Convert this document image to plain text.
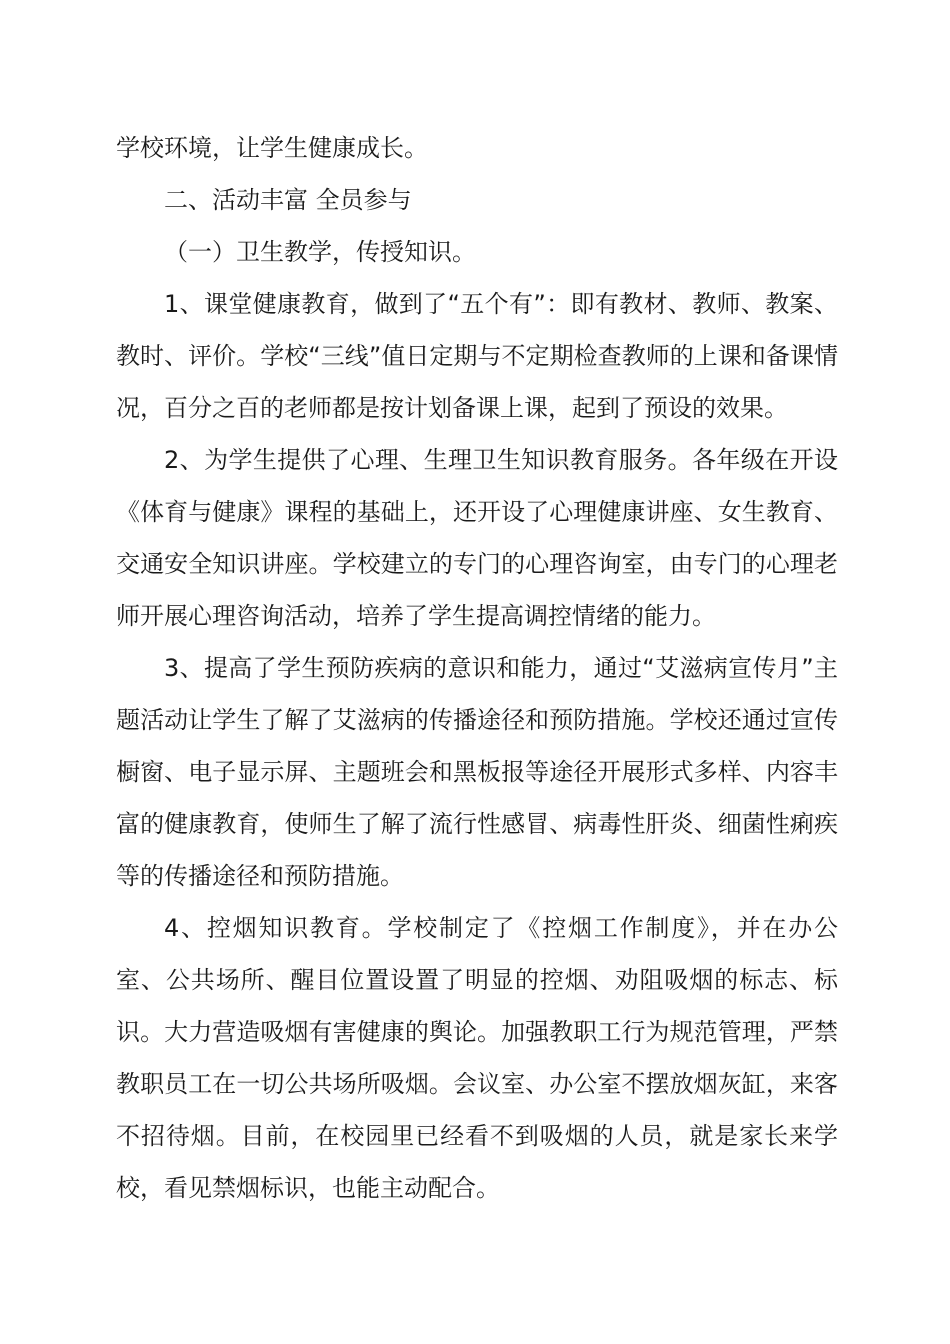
学校环境，让学生健康成长。

二、活动丰富 全员参与

（一）卫生教学，传授知识。

1、课堂健康教育，做到了“五个有”：即有教材、教师、教案、教时、评价。学校“三线”值日定期与不定期检查教师的上课和备课情况，百分之百的老师都是按计划备课上课，起到了预设的效果。

2、为学生提供了心理、生理卫生知识教育服务。各年级在开设《体育与健康》课程的基础上，还开设了心理健康讲座、女生教育、交通安全知识讲座。学校建立的专门的心理咨询室，由专门的心理老师开展心理咨询活动，培养了学生提高调控情绪的能力。

3、提高了学生预防疾病的意识和能力，通过“艾滋病宣传月”主题活动让学生了解了艾滋病的传播途径和预防措施。学校还通过宣传橱窗、电子显示屏、主题班会和黑板报等途径开展形式多样、内容丰富的健康教育，使师生了解了流行性感冒、病毒性肝炎、细菌性痢疾等的传播途径和预防措施。

4、控烟知识教育。学校制定了《控烟工作制度》，并在办公室、公共场所、醒目位置设置了明显的控烟、劝阻吸烟的标志、标识。大力营造吸烟有害健康的舆论。加强教职工行为规范管理，严禁教职员工在一切公共场所吸烟。会议室、办公室不摆放烟灰缸，来客不招待烟。目前，在校园里已经看不到吸烟的人员，就是家长来学校，看见禁烟标识，也能主动配合。
